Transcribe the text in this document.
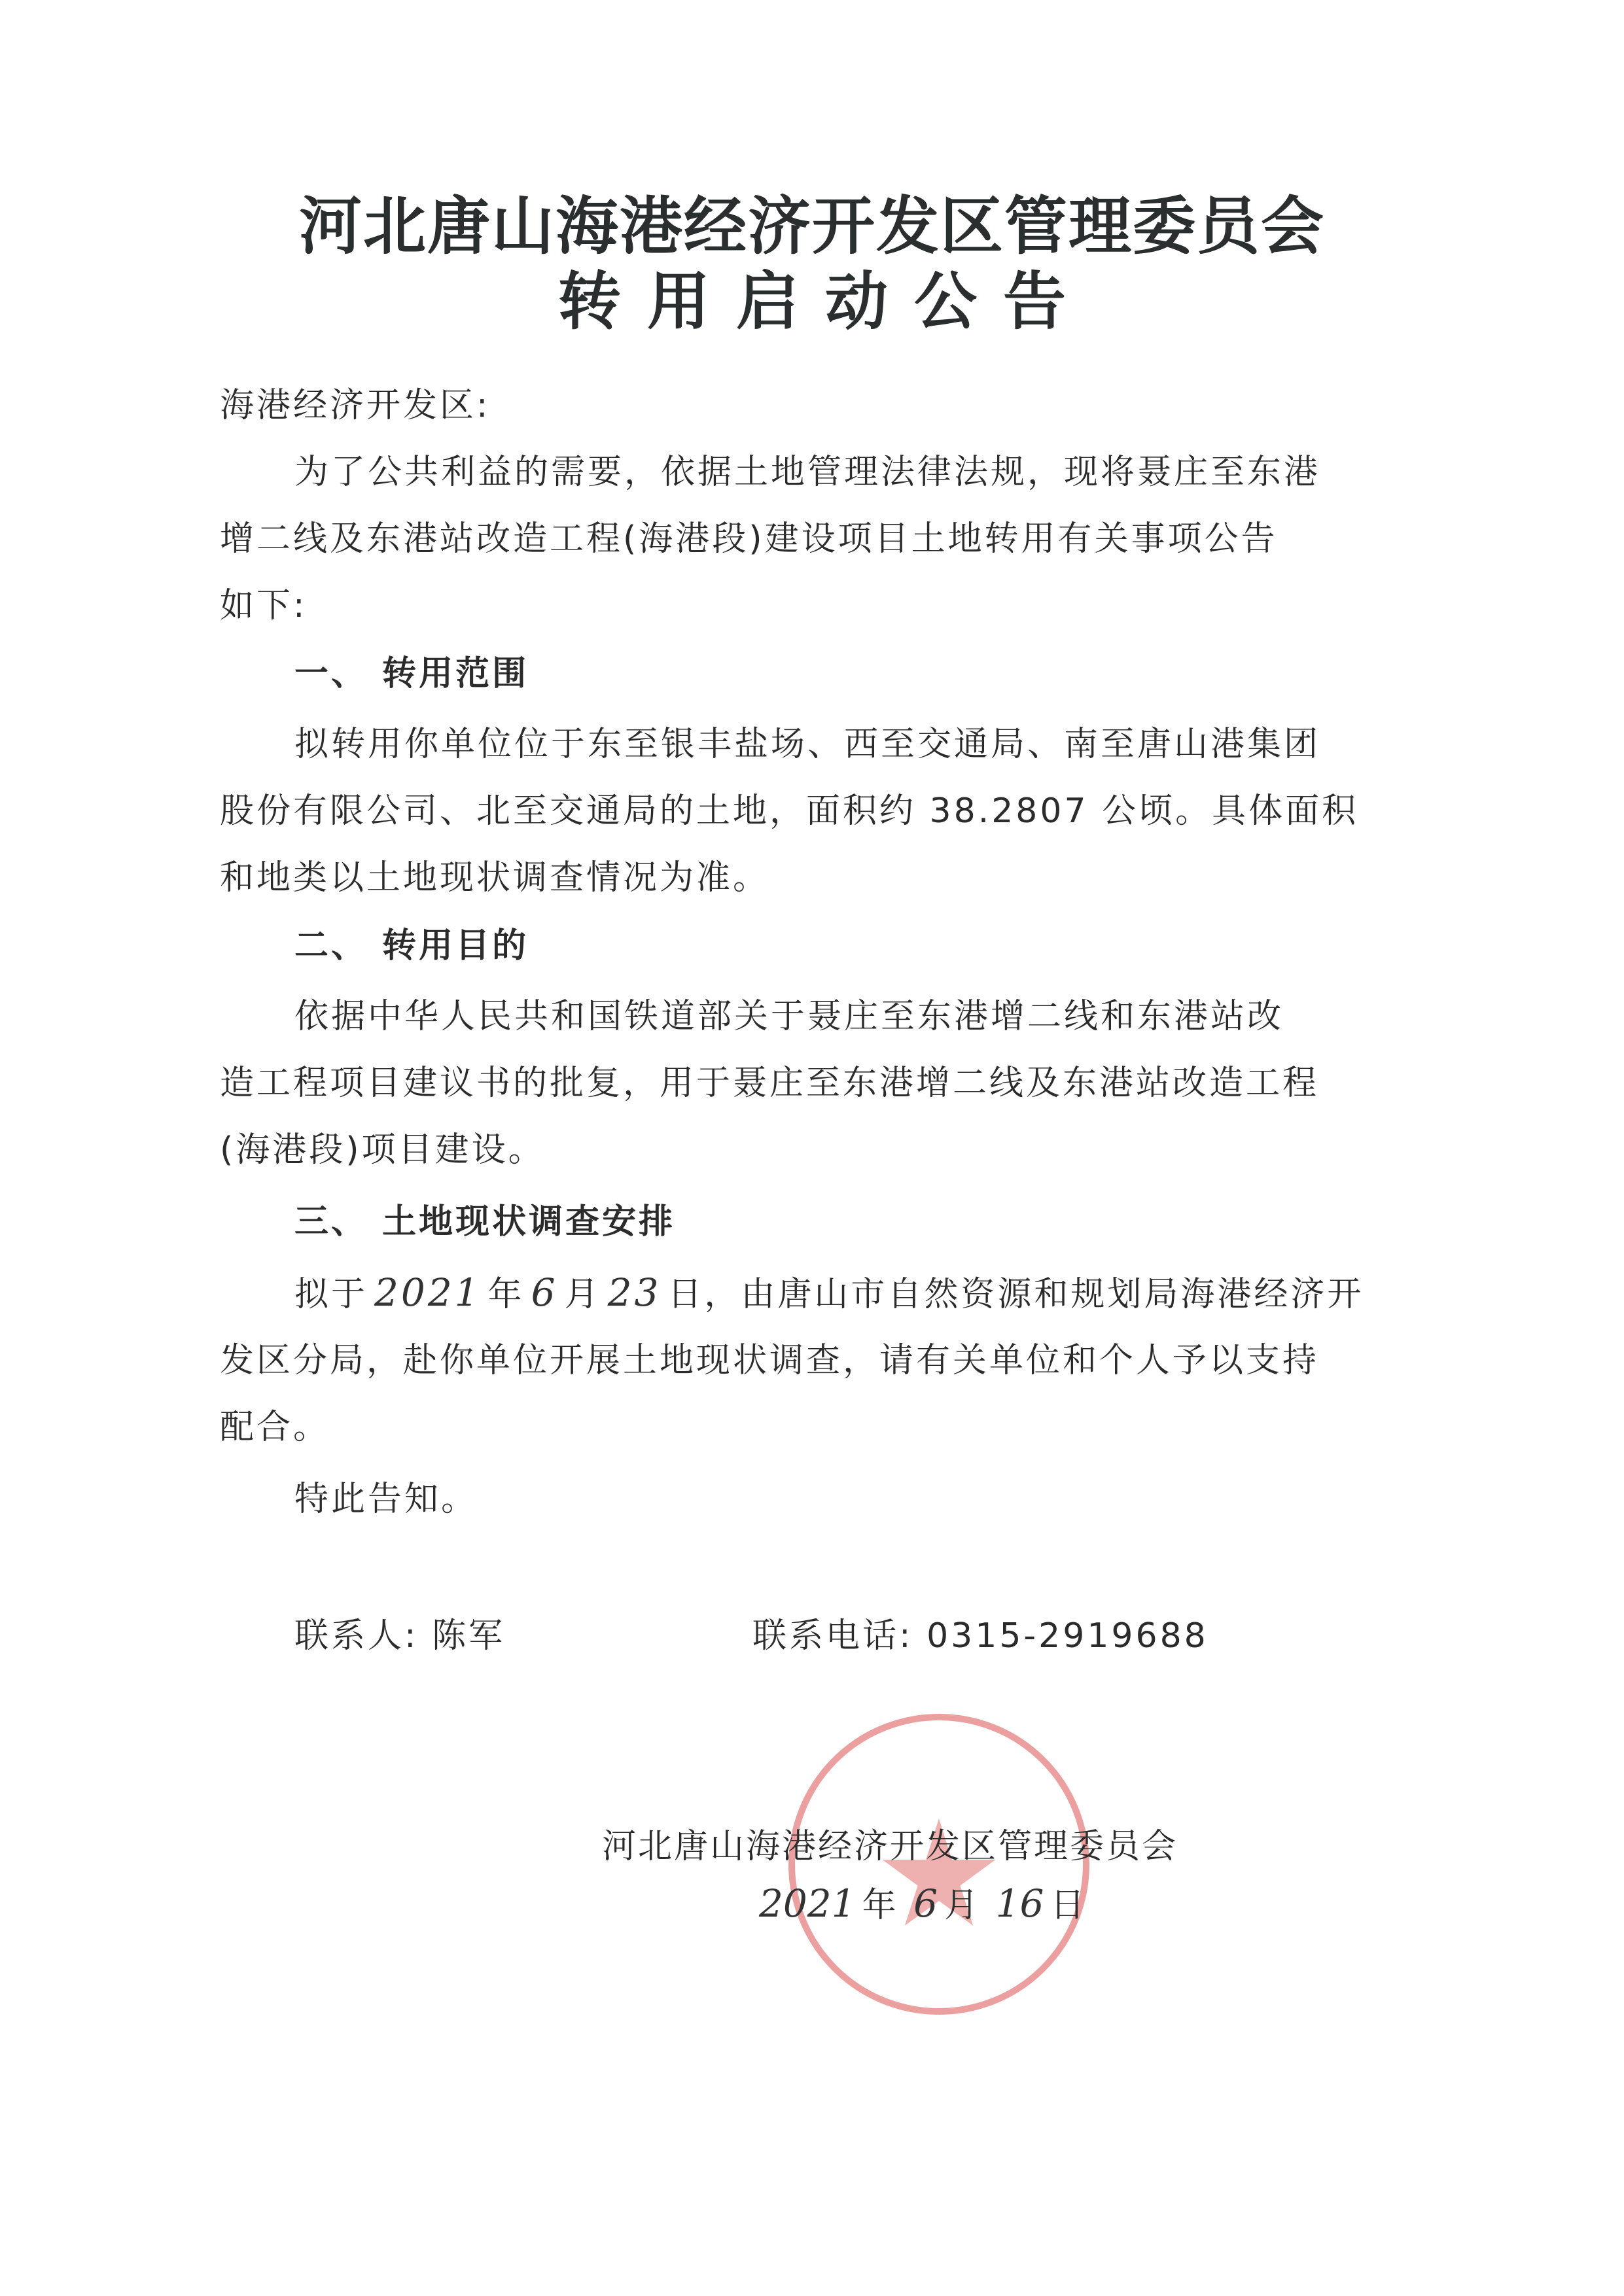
河北唐山海港经济开发区管理委员会
转用启动公告
海港经济开发区:
为了公共利益的需要，依据土地管理法律法规，现将聂庄至东港
增二线及东港站改造工程(海港段)建设项目土地转用有关事项公告
如下:
一、 转用范围
拟转用你单位位于东至银丰盐场、西至交通局、南至唐山港集团
股份有限公司、北至交通局的土地，面积约 38.2807 公顷。具体面积
和地类以土地现状调查情况为准。
二、 转用目的
依据中华人民共和国铁道部关于聂庄至东港增二线和东港站改
造工程项目建议书的批复，用于聂庄至东港增二线及东港站改造工程
(海港段)项目建设。
三、 土地现状调查安排
拟于 2021 年 6 月 23 日，由唐山市自然资源和规划局海港经济开
发区分局，赴你单位开展土地现状调查，请有关单位和个人予以支持
配合。
特此告知。
联系人: 陈军	联系电话: 0315-2919688
河北唐山海港经济开发区管理委员会
2021 年 6 月 16 日
